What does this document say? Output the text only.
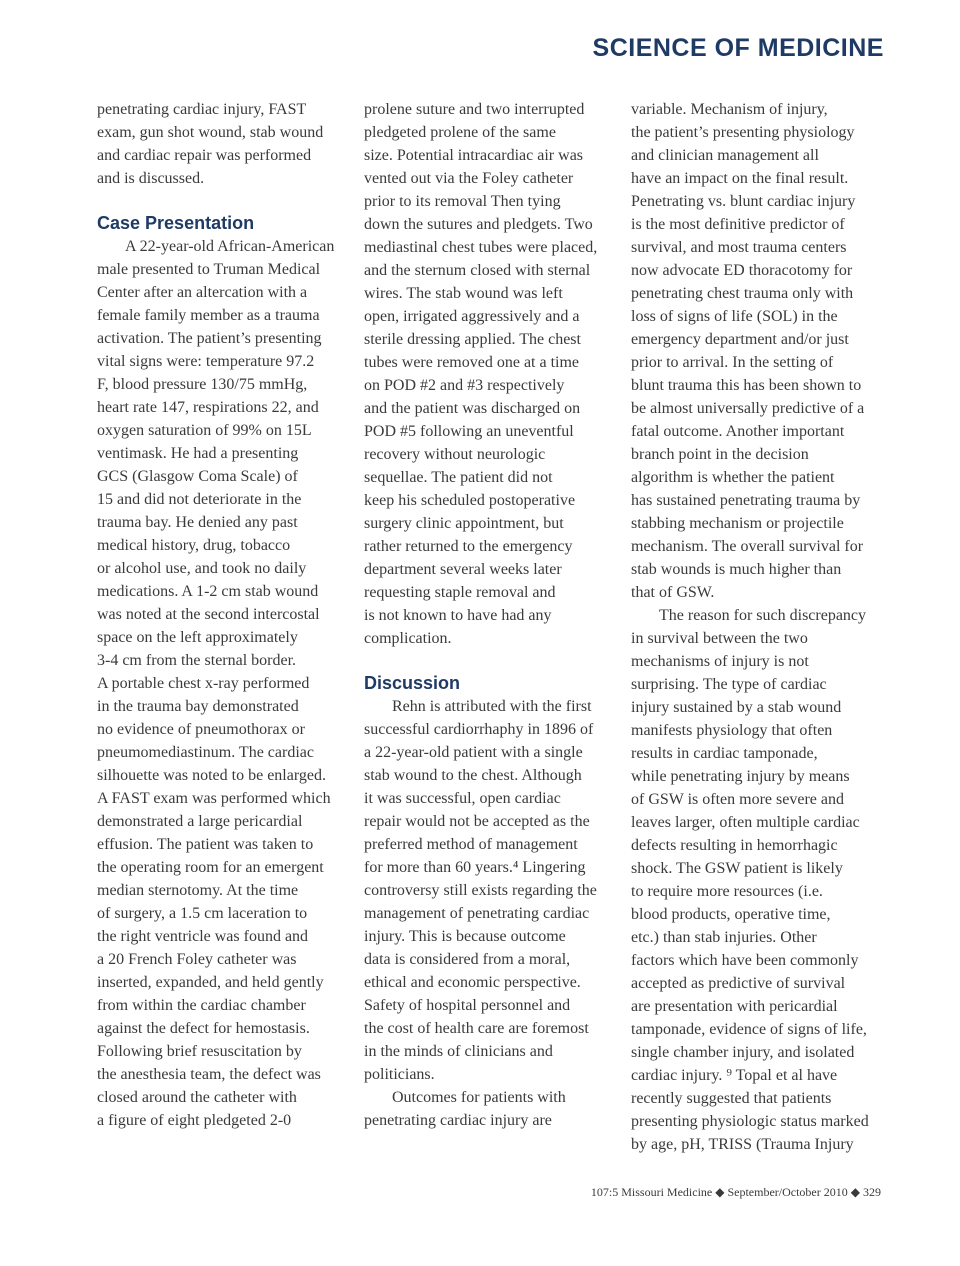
SCIENCE OF MEDICINE
penetrating cardiac injury, FAST
exam, gun shot wound, stab wound
and cardiac repair was performed
and is discussed.
Case Presentation
A 22-year-old African-American
male presented to Truman Medical
Center after an altercation with a
female family member as a trauma
activation. The patient’s presenting
vital signs were: temperature 97.2
F, blood pressure 130/75 mmHg,
heart rate 147, respirations 22, and
oxygen saturation of 99% on 15L
ventimask. He had a presenting
GCS (Glasgow Coma Scale) of
15 and did not deteriorate in the
trauma bay. He denied any past
medical history, drug, tobacco
or alcohol use, and took no daily
medications. A 1-2 cm stab wound
was noted at the second intercostal
space on the left approximately
3-4 cm from the sternal border.
A portable chest x-ray performed
in the trauma bay demonstrated
no evidence of pneumothorax or
pneumomediastinum. The cardiac
silhouette was noted to be enlarged.
A FAST exam was performed which
demonstrated a large pericardial
effusion. The patient was taken to
the operating room for an emergent
median sternotomy. At the time
of surgery, a 1.5 cm laceration to
the right ventricle was found and
a 20 French Foley catheter was
inserted, expanded, and held gently
from within the cardiac chamber
against the defect for hemostasis.
Following brief resuscitation by
the anesthesia team, the defect was
closed around the catheter with
a figure of eight pledgeted 2-0
prolene suture and two interrupted
pledgeted prolene of the same
size. Potential intracardiac air was
vented out via the Foley catheter
prior to its removal Then tying
down the sutures and pledgets. Two
mediastinal chest tubes were placed,
and the sternum closed with sternal
wires. The stab wound was left
open, irrigated aggressively and a
sterile dressing applied. The chest
tubes were removed one at a time
on POD #2 and #3 respectively
and the patient was discharged on
POD #5 following an uneventful
recovery without neurologic
sequellae. The patient did not
keep his scheduled postoperative
surgery clinic appointment, but
rather returned to the emergency
department several weeks later
requesting staple removal and
is not known to have had any
complication.
Discussion
Rehn is attributed with the first
successful cardiorrhaphy in 1896 of
a 22-year-old patient with a single
stab wound to the chest. Although
it was successful, open cardiac
repair would not be accepted as the
preferred method of management
for more than 60 years.⁴ Lingering
controversy still exists regarding the
management of penetrating cardiac
injury. This is because outcome
data is considered from a moral,
ethical and economic perspective.
Safety of hospital personnel and
the cost of health care are foremost
in the minds of clinicians and
politicians.
Outcomes for patients with
penetrating cardiac injury are
variable. Mechanism of injury,
the patient’s presenting physiology
and clinician management all
have an impact on the final result.
Penetrating vs. blunt cardiac injury
is the most definitive predictor of
survival, and most trauma centers
now advocate ED thoracotomy for
penetrating chest trauma only with
loss of signs of life (SOL) in the
emergency department and/or just
prior to arrival. In the setting of
blunt trauma this has been shown to
be almost universally predictive of a
fatal outcome. Another important
branch point in the decision
algorithm is whether the patient
has sustained penetrating trauma by
stabbing mechanism or projectile
mechanism. The overall survival for
stab wounds is much higher than
that of GSW.
The reason for such discrepancy
in survival between the two
mechanisms of injury is not
surprising. The type of cardiac
injury sustained by a stab wound
manifests physiology that often
results in cardiac tamponade,
while penetrating injury by means
of GSW is often more severe and
leaves larger, often multiple cardiac
defects resulting in hemorrhagic
shock. The GSW patient is likely
to require more resources (i.e.
blood products, operative time,
etc.) than stab injuries. Other
factors which have been commonly
accepted as predictive of survival
are presentation with pericardial
tamponade, evidence of signs of life,
single chamber injury, and isolated
cardiac injury. ⁹ Topal et al have
recently suggested that patients
presenting physiologic status marked
by age, pH, TRISS (Trauma Injury
107:5 Missouri Medicine ◆ September/October 2010 ◆ 329
